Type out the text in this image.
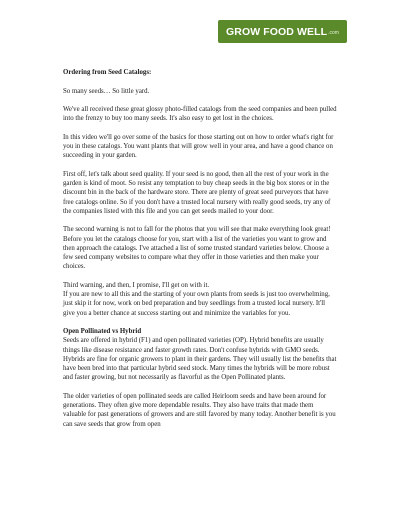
GROW FOOD WELL .com
Ordering from Seed Catalogs:

So many seeds… So little yard.

We've all received these great glossy photo-filled catalogs from the seed companies and been pulled into the frenzy to buy too many seeds. It's also easy to get lost in the choices.

In this video we'll go over some of the basics for those starting out on how to order what's right for you in these catalogs. You want plants that will grow well in your area, and have a good chance on succeeding in your garden.

First off, let's talk about seed quality. If your seed is no good, then all the rest of your work in the garden is kind of moot. So resist any temptation to buy cheap seeds in the big box stores or in the discount bin in the back of the hardware store. There are plenty of great seed purveyors that have free catalogs online. So if you don't have a trusted local nursery with really good seeds, try any of the companies listed with this file and you can get seeds mailed to your door.

The second warning is not to fall for the photos that you will see that make everything look great! Before you let the catalogs choose for you, start with a list of the varieties you want to grow and then approach the catalogs. I've attached a list of some trusted standard varieties below. Choose a few seed company websites to compare what they offer in those varieties and then make your choices.

Third warning, and then, I promise, I'll get on with it.

If you are new to all this and the starting of your own plants from seeds is just too overwhelming, just skip it for now, work on bed preparation and buy seedlings from a trusted local nursery. It'll give you a better chance at success starting out and minimize the variables for you.

Open Pollinated vs Hybrid

Seeds are offered in hybrid (F1) and open pollinated varieties (OP). Hybrid benefits are usually things like disease resistance and faster growth rates. Don't confuse hybrids with GMO seeds. Hybrids are fine for organic growers to plant in their gardens. They will usually list the benefits that have been bred into that particular hybrid seed stock. Many times the hybrids will be more robust and faster growing, but not necessarily as flavorful as the Open Pollinated plants.

The older varieties of open pollinated seeds are called Heirloom seeds and have been around for generations. They often give more dependable results. They also have traits that made them valuable for past generations of growers and are still favored by many today. Another benefit is you can save seeds that grow from open
